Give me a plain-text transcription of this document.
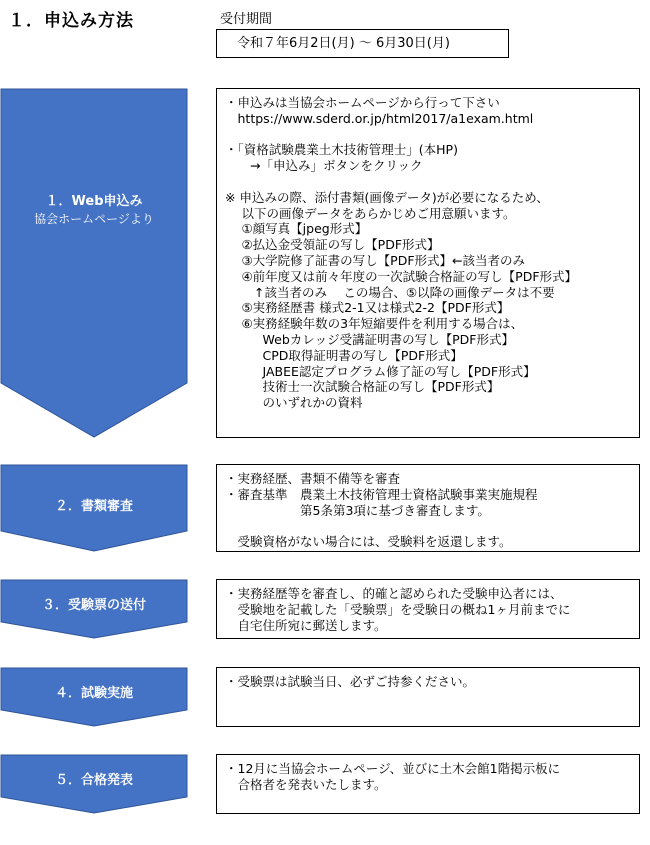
１．申込み方法	受付期間
令和７年6月2日(月) ～ 6月30日(月)
１．Web申込み
協会ホームページより
・申込みは当協会ホームページから行って下さい
　https://www.sderd.or.jp/html2017/a1exam.html

・「資格試験農業土木技術管理士」(本HP)
　　→「申込み」ボタンをクリック

※ 申込みの際、添付書類(画像データ)が必要になるため、
　 以下の画像データをあらかじめご用意願います。
　 ①顔写真【jpeg形式】
　 ②払込金受領証の写し【PDF形式】
　 ③大学院修了証書の写し【PDF形式】←該当者のみ
　 ④前年度又は前々年度の一次試験合格証の写し【PDF形式】
　　 ↑該当者のみ　 この場合、⑤以降の画像データは不要
　 ⑤実務経歴書 様式2-1又は様式2-2【PDF形式】
　 ⑥実務経験年数の3年短縮要件を利用する場合は、
　　　Webカレッジ受講証明書の写し【PDF形式】
　　　CPD取得証明書の写し【PDF形式】
　　　JABEE認定プログラム修了証の写し【PDF形式】
　　　技術士一次試験合格証の写し【PDF形式】
　　　のいずれかの資料
２．書類審査
・実務経歴、書類不備等を審査
・審査基準　農業土木技術管理士資格試験事業実施規程
　　　　　　第5条第3項に基づき審査します。

　受験資格がない場合には、受験料を返還します。
３．受験票の送付
・実務経歴等を審査し、的確と認められた受験申込者には、
　受験地を記載した「受験票」を受験日の概ね1ヶ月前までに
　自宅住所宛に郵送します。
４．試験実施
・受験票は試験当日、必ずご持参ください。
５．合格発表
・12月に当協会ホームページ、並びに土木会館1階掲示板に
　合格者を発表いたします。
